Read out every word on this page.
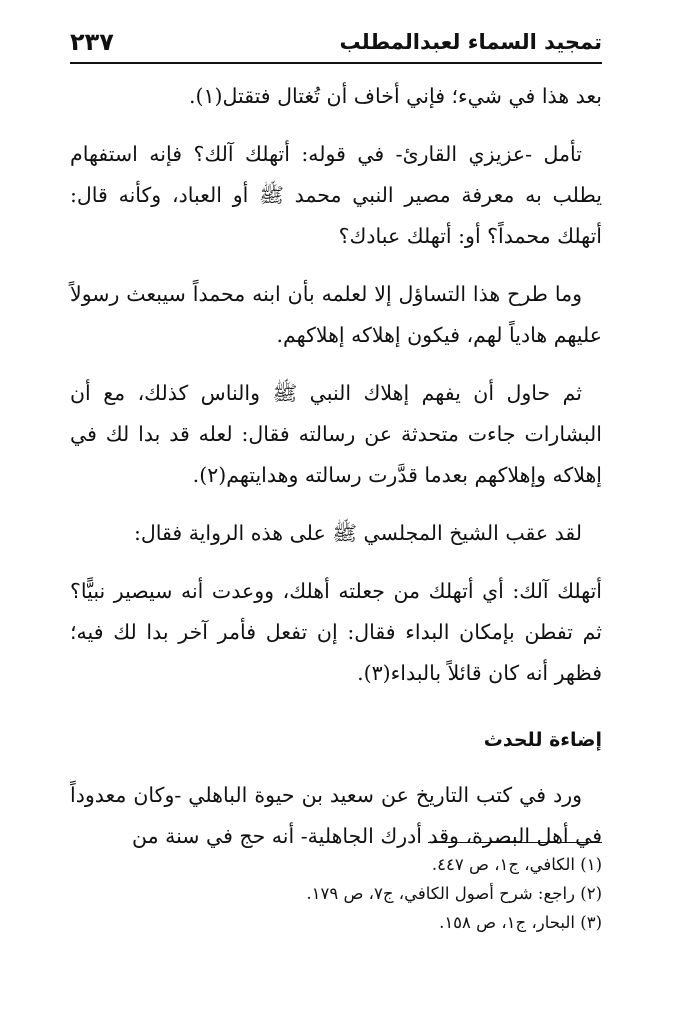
تمجيد السماء لعبدالمطلب
٢٣٧

بعد هذا في شيء؛ فإني أخاف أن تُغتال فتقتل(١).

تأمل -عزيزي القارئ- في قوله: أتهلك آلك؟ فإنه استفهام يطلب به معرفة مصير النبي محمد ﷺ أو العباد، وكأنه قال: أتهلك محمداً؟ أو: أتهلك عبادك؟

وما طرح هذا التساؤل إلا لعلمه بأن ابنه محمداً سيبعث رسولاً عليهم هادياً لهم، فيكون إهلاكه إهلاكهم.

ثم حاول أن يفهم إهلاك النبي ﷺ والناس كذلك، مع أن البشارات جاءت متحدثة عن رسالته فقال: لعله قد بدا لك في إهلاكه وإهلاكهم بعدما قدَّرت رسالته وهدايتهم(٢).

لقد عقب الشيخ المجلسي ﷺ على هذه الرواية فقال:

أتهلك آلك: أي أتهلك من جعلته أهلك، ووعدت أنه سيصير نبيًّا؟ ثم تفطن بإمكان البداء فقال: إن تفعل فأمر آخر بدا لك فيه؛ فظهر أنه كان قائلاً بالبداء(٣).

إضاءة للحدث

ورد في كتب التاريخ عن سعيد بن حيوة الباهلي -وكان معدوداً في أهل البصرة، وقد أدرك الجاهلية- أنه حج في سنة من

(١) الكافي، ج١، ص ٤٤٧.
(٢) راجع: شرح أصول الكافي، ج٧، ص ١٧٩.
(٣) البحار، ج١، ص ١٥٨.
